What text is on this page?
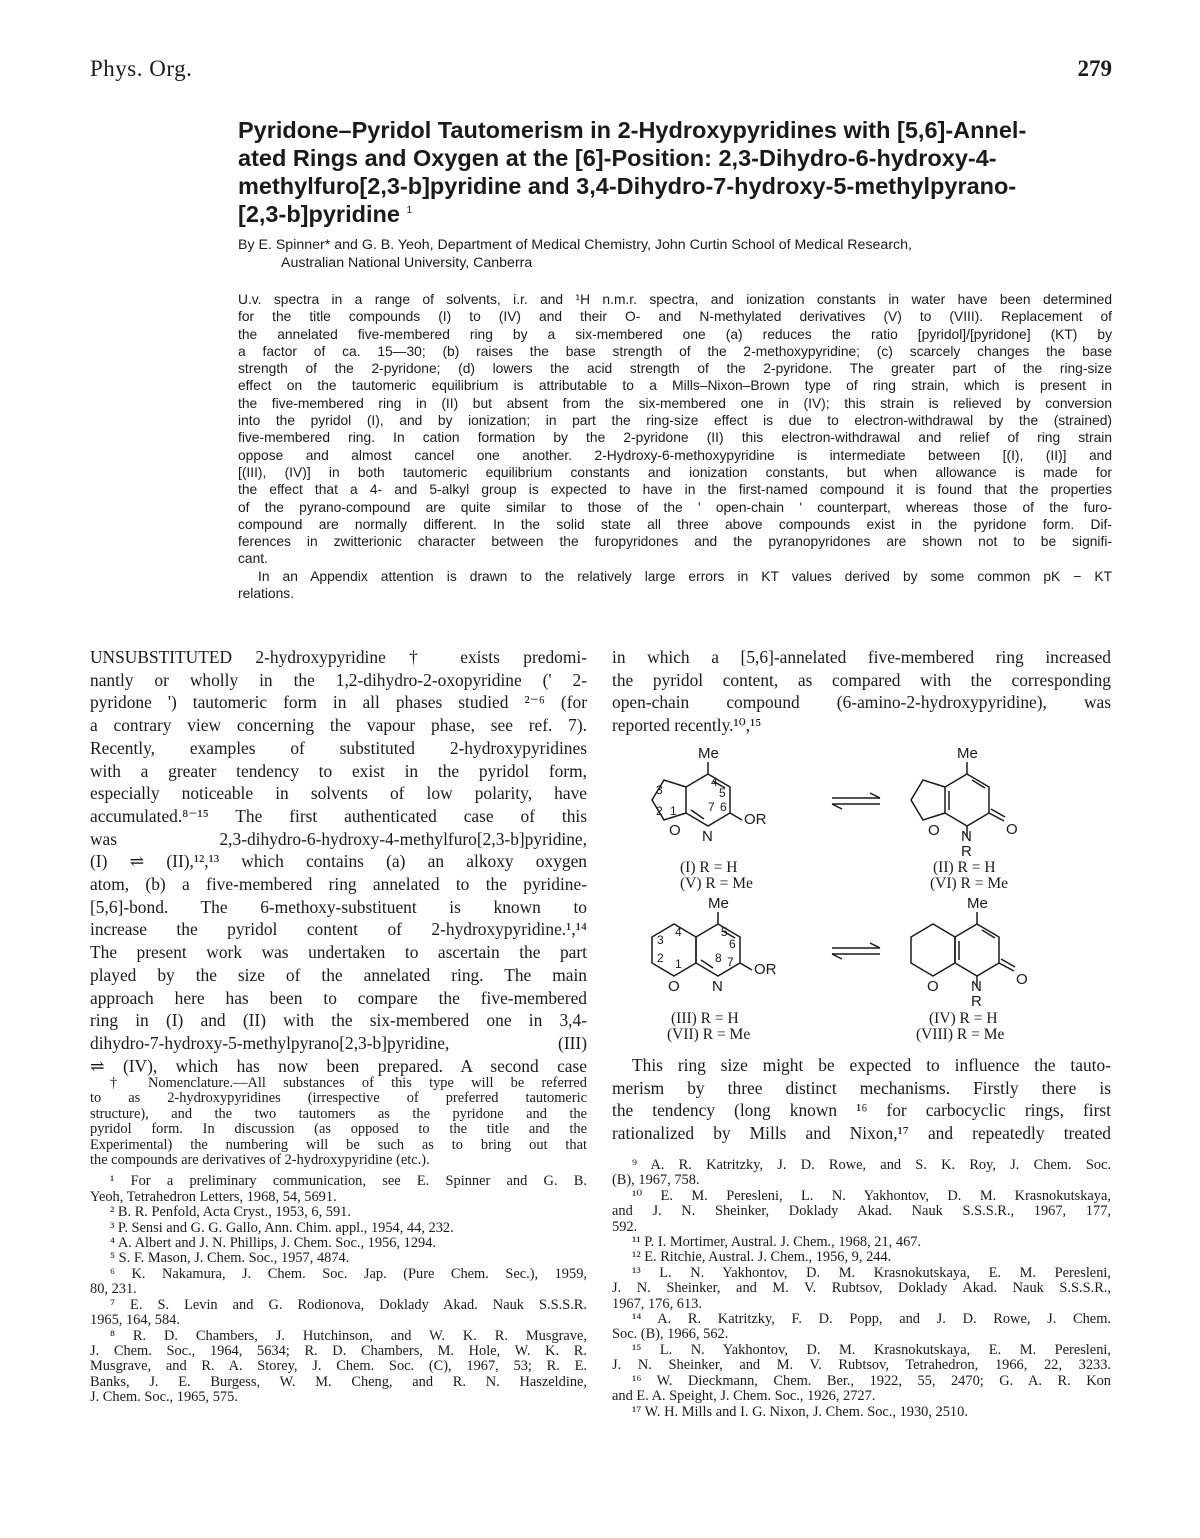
Phys. Org.	279
Pyridone–Pyridol Tautomerism in 2-Hydroxypyridines with [5,6]-Annel-
ated Rings and Oxygen at the [6]-Position: 2,3-Dihydro-6-hydroxy-4-
methylfuro[2,3-b]pyridine and 3,4-Dihydro-7-hydroxy-5-methylpyrano-
[2,3-b]pyridine $^1$
By E. Spinner* and G. B. Yeoh, Department of Medical Chemistry, John Curtin School of Medical Research,
Australian National University, Canberra
U.v. spectra in a range of solvents, i.r. and ¹H n.m.r. spectra, and ionization constants in water have been determined
for the title compounds (I) to (IV) and their O- and N-methylated derivatives (V) to (VIII). Replacement of
the annelated five-membered ring by a six-membered one (a) reduces the ratio [pyridol]/[pyridone] (KT) by
a factor of ca. 15—30; (b) raises the base strength of the 2-methoxypyridine; (c) scarcely changes the base
strength of the 2-pyridone; (d) lowers the acid strength of the 2-pyridone. The greater part of the ring-size
effect on the tautomeric equilibrium is attributable to a Mills–Nixon–Brown type of ring strain, which is present in
the five-membered ring in (II) but absent from the six-membered one in (IV); this strain is relieved by conversion
into the pyridol (I), and by ionization; in part the ring-size effect is due to electron-withdrawal by the (strained)
five-membered ring. In cation formation by the 2-pyridone (II) this electron-withdrawal and relief of ring strain
oppose and almost cancel one another. 2-Hydroxy-6-methoxypyridine is intermediate between [(I), (II)] and
[(III), (IV)] in both tautomeric equilibrium constants and ionization constants, but when allowance is made for
the effect that a 4- and 5-alkyl group is expected to have in the first-named compound it is found that the properties
of the pyrano-compound are quite similar to those of the ' open-chain ' counterpart, whereas those of the furo-
compound are normally different. In the solid state all three above compounds exist in the pyridone form. Dif-
ferences in zwitterionic character between the furopyridones and the pyranopyridones are shown not to be signifi-
cant.
In an Appendix attention is drawn to the relatively large errors in KT values derived by some common pK − KT
relations.
UNSUBSTITUTED 2-hydroxypyridine † exists predomi-
nantly or wholly in the 1,2-dihydro-2-oxopyridine (' 2-
pyridone ') tautomeric form in all phases studied ²⁻⁶ (for
a contrary view concerning the vapour phase, see ref. 7).
Recently, examples of substituted 2-hydroxypyridines
with a greater tendency to exist in the pyridol form,
especially noticeable in solvents of low polarity, have
accumulated.⁸⁻¹⁵ The first authenticated case of this
was 2,3-dihydro-6-hydroxy-4-methylfuro[2,3-b]pyridine,
(I) ⇌ (II),¹²,¹³ which contains (a) an alkoxy oxygen
atom, (b) a five-membered ring annelated to the pyridine-
[5,6]-bond. The 6-methoxy-substituent is known to
increase the pyridol content of 2-hydroxypyridine.¹,¹⁴
The present work was undertaken to ascertain the part
played by the size of the annelated ring. The main
approach here has been to compare the five-membered
ring in (I) and (II) with the six-membered one in 3,4-
dihydro-7-hydroxy-5-methylpyrano[2,3-b]pyridine, (III)
⇌ (IV), which has now been prepared. A second case
in which a [5,6]-annelated five-membered ring increased
the pyridol content, as compared with the corresponding
open-chain compound (6-amino-2-hydroxypyridine), was
reported recently.¹⁰,¹⁵
Me
OR
N
O
3
2 1
4
5
7 6
Me
O
N
R
O
Me
OR
N
O
3
4
2 1
5
6
8 7
Me
O
N
R
O
(I) R = H
(V) R = Me
(II) R = H
(VI) R = Me
(III) R = H
(VII) R = Me
(IV) R = H
(VIII) R = Me
This ring size might be expected to influence the tauto-
merism by three distinct mechanisms. Firstly there is
the tendency (long known ¹⁶ for carbocyclic rings, first
rationalized by Mills and Nixon,¹⁷ and repeatedly treated
† Nomenclature.—All substances of this type will be referred
to as 2-hydroxypyridines (irrespective of preferred tautomeric
structure), and the two tautomers as the pyridone and the
pyridol form. In discussion (as opposed to the title and the
Experimental) the numbering will be such as to bring out that
the compounds are derivatives of 2-hydroxypyridine (etc.).
¹ For a preliminary communication, see E. Spinner and G. B.
Yeoh, Tetrahedron Letters, 1968, 54, 5691.
² B. R. Penfold, Acta Cryst., 1953, 6, 591.
³ P. Sensi and G. G. Gallo, Ann. Chim. appl., 1954, 44, 232.
⁴ A. Albert and J. N. Phillips, J. Chem. Soc., 1956, 1294.
⁵ S. F. Mason, J. Chem. Soc., 1957, 4874.
⁶ K. Nakamura, J. Chem. Soc. Jap. (Pure Chem. Sec.), 1959,
80, 231.
⁷ E. S. Levin and G. Rodionova, Doklady Akad. Nauk S.S.S.R.
1965, 164, 584.
⁸ R. D. Chambers, J. Hutchinson, and W. K. R. Musgrave,
J. Chem. Soc., 1964, 5634; R. D. Chambers, M. Hole, W. K. R.
Musgrave, and R. A. Storey, J. Chem. Soc. (C), 1967, 53; R. E.
Banks, J. E. Burgess, W. M. Cheng, and R. N. Haszeldine,
J. Chem. Soc., 1965, 575.
⁹ A. R. Katritzky, J. D. Rowe, and S. K. Roy, J. Chem. Soc.
(B), 1967, 758.
¹⁰ E. M. Peresleni, L. N. Yakhontov, D. M. Krasnokutskaya,
and J. N. Sheinker, Doklady Akad. Nauk S.S.S.R., 1967, 177,
592.
¹¹ P. I. Mortimer, Austral. J. Chem., 1968, 21, 467.
¹² E. Ritchie, Austral. J. Chem., 1956, 9, 244.
¹³ L. N. Yakhontov, D. M. Krasnokutskaya, E. M. Peresleni,
J. N. Sheinker, and M. V. Rubtsov, Doklady Akad. Nauk S.S.S.R.,
1967, 176, 613.
¹⁴ A. R. Katritzky, F. D. Popp, and J. D. Rowe, J. Chem.
Soc. (B), 1966, 562.
¹⁵ L. N. Yakhontov, D. M. Krasnokutskaya, E. M. Peresleni,
J. N. Sheinker, and M. V. Rubtsov, Tetrahedron, 1966, 22, 3233.
¹⁶ W. Dieckmann, Chem. Ber., 1922, 55, 2470; G. A. R. Kon
and E. A. Speight, J. Chem. Soc., 1926, 2727.
¹⁷ W. H. Mills and I. G. Nixon, J. Chem. Soc., 1930, 2510.
